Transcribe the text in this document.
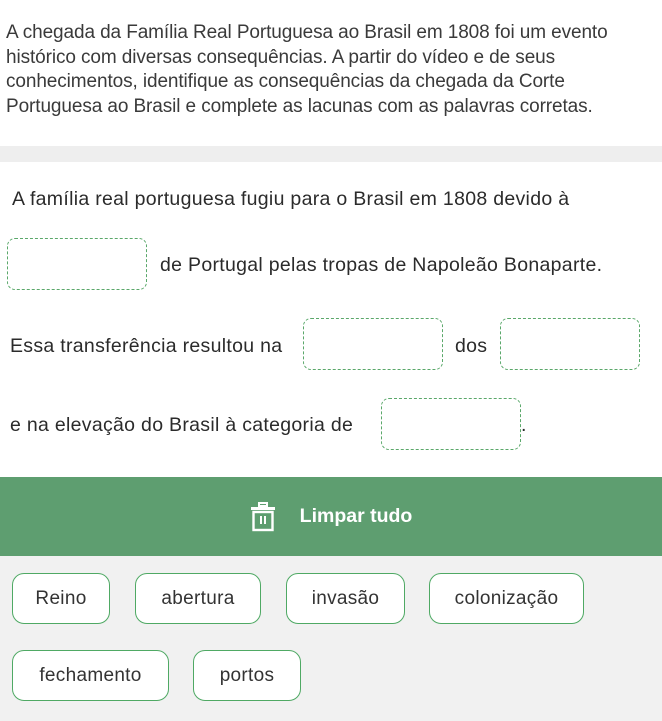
A chegada da Família Real Portuguesa ao Brasil em 1808 foi um evento histórico com diversas consequências. A partir do vídeo e de seus conhecimentos, identifique as consequências da chegada da Corte Portuguesa ao Brasil e complete as lacunas com as palavras corretas.
A família real portuguesa fugiu para o Brasil em 1808 devido à
de Portugal pelas tropas de Napoleão Bonaparte.
Essa transferência resultou na	dos
e na elevação do Brasil à categoria de	.
Limpar tudo
Reino	abertura	invasão	colonização
fechamento	portos
